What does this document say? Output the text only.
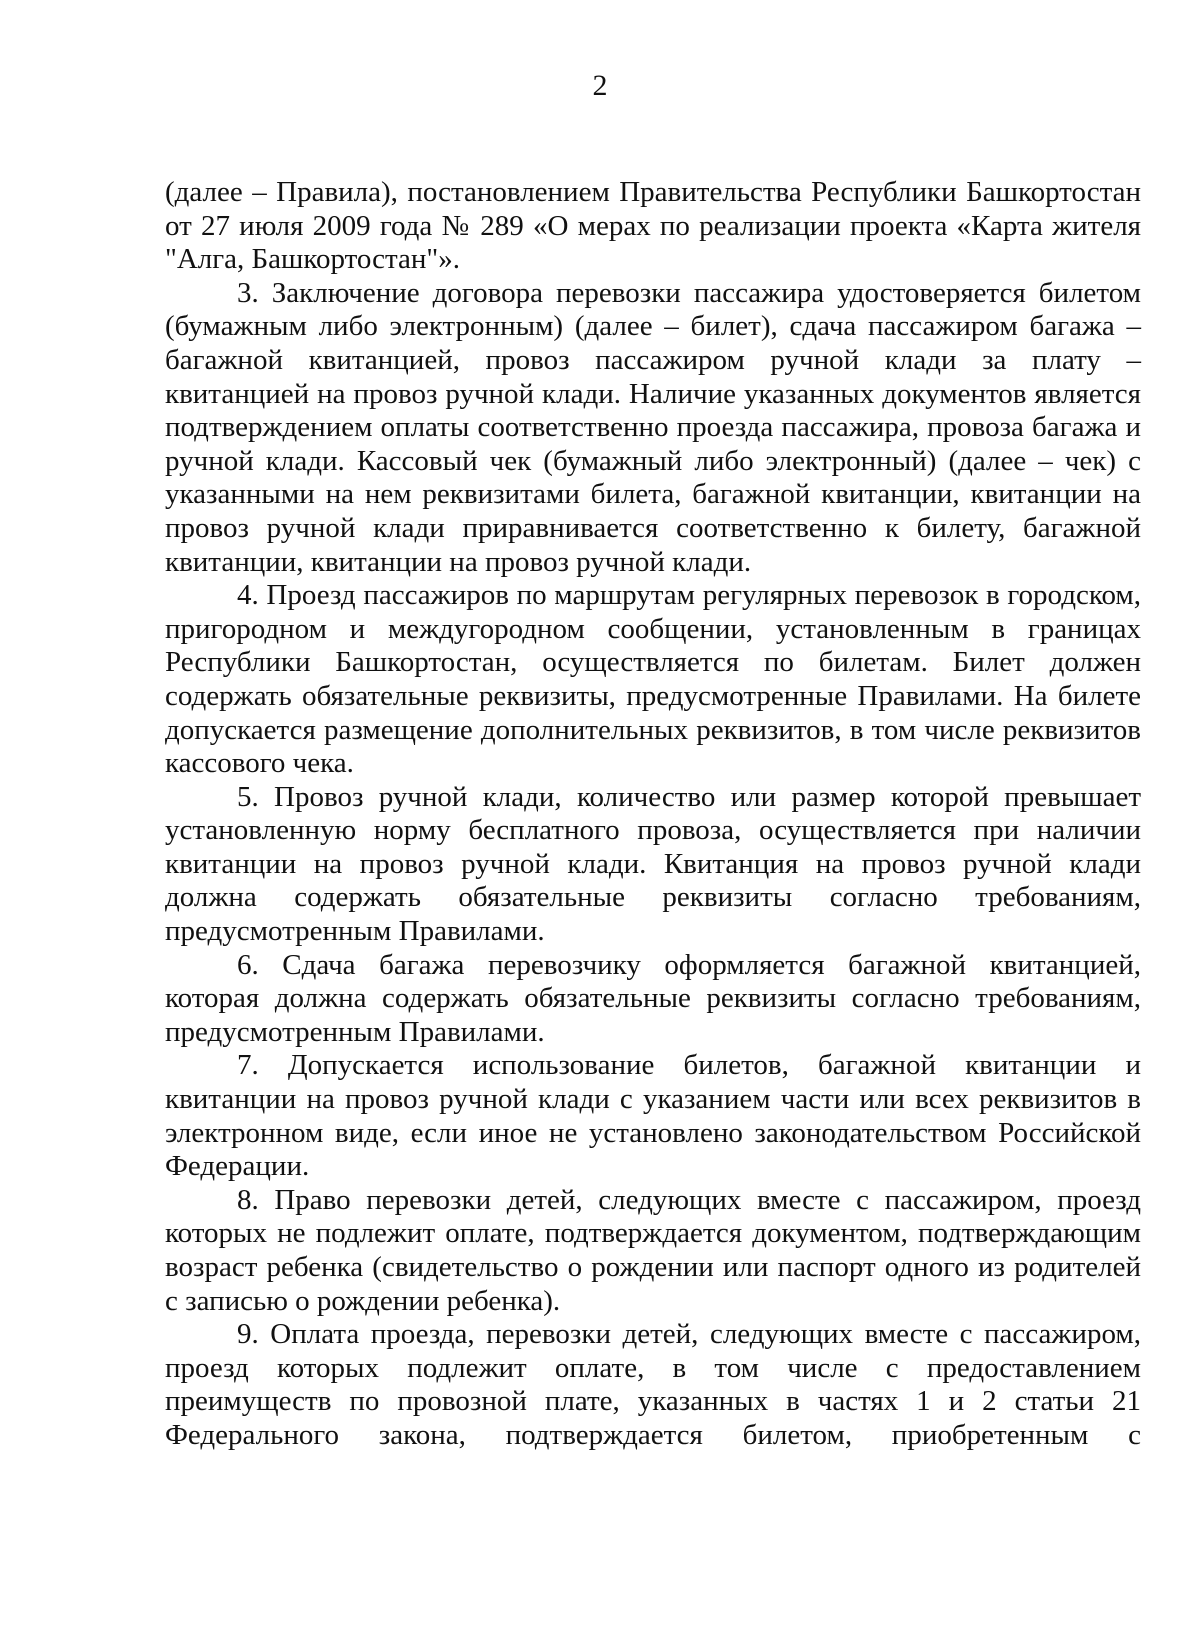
2

(далее – Правила), постановлением Правительства Республики Башкортостан от 27 июля 2009 года № 289 «О мерах по реализации проекта «Карта жителя "Алга, Башкортостан"».

3. Заключение договора перевозки пассажира удостоверяется билетом (бумажным либо электронным) (далее – билет), сдача пассажиром багажа – багажной квитанцией, провоз пассажиром ручной клади за плату – квитанцией на провоз ручной клади. Наличие указанных документов является подтверждением оплаты соответственно проезда пассажира, провоза багажа и ручной клади. Кассовый чек (бумажный либо электронный) (далее – чек) с указанными на нем реквизитами билета, багажной квитанции, квитанции на провоз ручной клади приравнивается соответственно к билету, багажной квитанции, квитанции на провоз ручной клади.

4. Проезд пассажиров по маршрутам регулярных перевозок в городском, пригородном и междугородном сообщении, установленным в границах Республики Башкортостан, осуществляется по билетам. Билет должен содержать обязательные реквизиты, предусмотренные Правилами. На билете допускается размещение дополнительных реквизитов, в том числе реквизитов кассового чека.

5. Провоз ручной клади, количество или размер которой превышает установленную норму бесплатного провоза, осуществляется при наличии квитанции на провоз ручной клади. Квитанция на провоз ручной клади должна содержать обязательные реквизиты согласно требованиям, предусмотренным Правилами.

6. Сдача багажа перевозчику оформляется багажной квитанцией, которая должна содержать обязательные реквизиты согласно требованиям, предусмотренным Правилами.

7. Допускается использование билетов, багажной квитанции и квитанции на провоз ручной клади с указанием части или всех реквизитов в электронном виде, если иное не установлено законодательством Российской Федерации.

8. Право перевозки детей, следующих вместе с пассажиром, проезд которых не подлежит оплате, подтверждается документом, подтверждающим возраст ребенка (свидетельство о рождении или паспорт одного из родителей с записью о рождении ребенка).

9. Оплата проезда, перевозки детей, следующих вместе с пассажиром, проезд которых подлежит оплате, в том числе с предоставлением преимуществ по провозной плате, указанных в частях 1 и 2 статьи 21 Федерального закона, подтверждается билетом, приобретенным с
